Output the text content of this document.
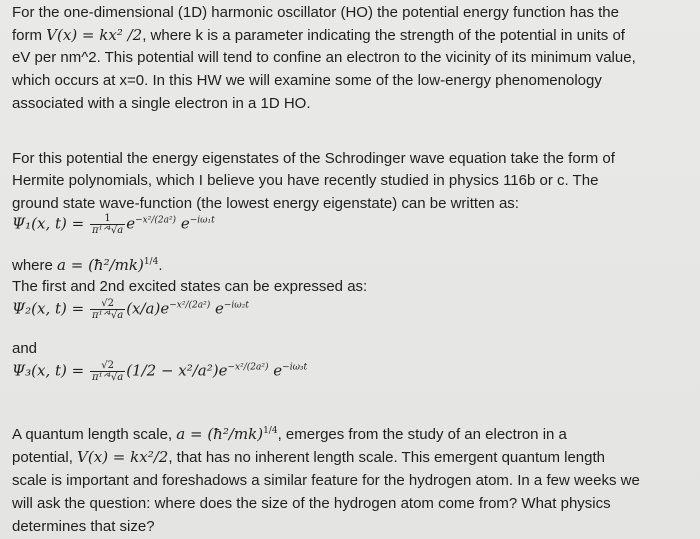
For the one-dimensional (1D) harmonic oscillator (HO) the potential energy function has the
form V(x) = kx² /2, where k is a parameter indicating the strength of the potential in units of
eV per nm^2. This potential will tend to confine an electron to the vicinity of its minimum value,
which occurs at x=0. In this HW we will examine some of the low-energy phenomenology
associated with a single electron in a 1D HO.
For this potential the energy eigenstates of the Schrodinger wave equation take the form of
Hermite polynomials, which I believe you have recently studied in physics 116b or c. The
ground state wave-function (the lowest energy eigenstate) can be written as:
Ψ₁(x, $t) = \frac{1}{\text{π¹ᐟ⁴√a}} e^{-x^2/(2a^2)}$ $e^{-i\omega_1t}$
where a = (ħ²/mk)$^{1/4}$.
The first and 2nd excited states can be expressed as:
Ψ₂(x, $t) = \frac{√2}{\text{π¹ᐟ⁴√a}} (x/a)e^{-x^2/(2a^2)}$ $e^{-i\omega_2t}$
and
Ψ₃(x, $t) = \frac{√2}{\text{π¹ᐟ⁴√a}} (1/2 - x^2/a^2)e^{-x^2/(2a^2)}$ $e^{-i\omega_3t}$
A quantum length scale, a = (ħ²/mk)$^{1/4}$, emerges from the study of an electron in a
potential, V(x) = kx²/2, that has no inherent length scale. This emergent quantum length
scale is important and foreshadows a similar feature for the hydrogen atom. In a few weeks we
will ask the question: where does the size of the hydrogen atom come from? What physics
determines that size?
